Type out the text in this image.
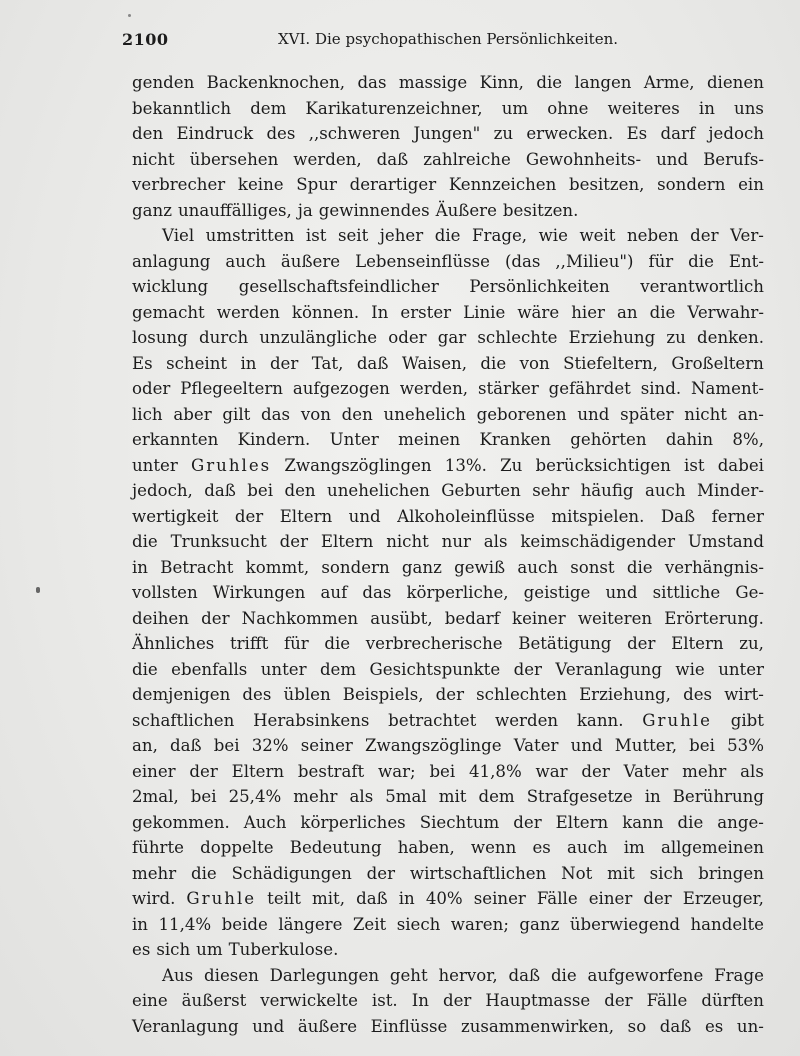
2100	XVI. Die psychopathischen Persönlichkeiten.
genden Backenknochen, das massige Kinn, die langen Arme, dienen
bekanntlich dem Karikaturenzeichner, um ohne weiteres in uns
den Eindruck des ,,schweren Jungen" zu erwecken. Es darf jedoch
nicht übersehen werden, daß zahlreiche Gewohnheits- und Berufs-
verbrecher keine Spur derartiger Kennzeichen besitzen, sondern ein
ganz unauffälliges, ja gewinnendes Äußere besitzen.
Viel umstritten ist seit jeher die Frage, wie weit neben der Ver-
anlagung auch äußere Lebenseinflüsse (das ,,Milieu") für die Ent-
wicklung gesellschaftsfeindlicher Persönlichkeiten verantwortlich
gemacht werden können. In erster Linie wäre hier an die Verwahr-
losung durch unzulängliche oder gar schlechte Erziehung zu denken.
Es scheint in der Tat, daß Waisen, die von Stiefeltern, Großeltern
oder Pflegeeltern aufgezogen werden, stärker gefährdet sind. Nament-
lich aber gilt das von den unehelich geborenen und später nicht an-
erkannten Kindern. Unter meinen Kranken gehörten dahin 8%,
unter Gruhles Zwangszöglingen 13%. Zu berücksichtigen ist dabei
jedoch, daß bei den unehelichen Geburten sehr häufig auch Minder-
wertigkeit der Eltern und Alkoholeinflüsse mitspielen. Daß ferner
die Trunksucht der Eltern nicht nur als keimschädigender Umstand
in Betracht kommt, sondern ganz gewiß auch sonst die verhängnis-
vollsten Wirkungen auf das körperliche, geistige und sittliche Ge-
deihen der Nachkommen ausübt, bedarf keiner weiteren Erörterung.
Ähnliches trifft für die verbrecherische Betätigung der Eltern zu,
die ebenfalls unter dem Gesichtspunkte der Veranlagung wie unter
demjenigen des üblen Beispiels, der schlechten Erziehung, des wirt-
schaftlichen Herabsinkens betrachtet werden kann. Gruhle gibt
an, daß bei 32% seiner Zwangszöglinge Vater und Mutter, bei 53%
einer der Eltern bestraft war; bei 41,8% war der Vater mehr als
2mal, bei 25,4% mehr als 5mal mit dem Strafgesetze in Berührung
gekommen. Auch körperliches Siechtum der Eltern kann die ange-
führte doppelte Bedeutung haben, wenn es auch im allgemeinen
mehr die Schädigungen der wirtschaftlichen Not mit sich bringen
wird. Gruhle teilt mit, daß in 40% seiner Fälle einer der Erzeuger,
in 11,4% beide längere Zeit siech waren; ganz überwiegend handelte
es sich um Tuberkulose.
Aus diesen Darlegungen geht hervor, daß die aufgeworfene Frage
eine äußerst verwickelte ist. In der Hauptmasse der Fälle dürften
Veranlagung und äußere Einflüsse zusammenwirken, so daß es un-
